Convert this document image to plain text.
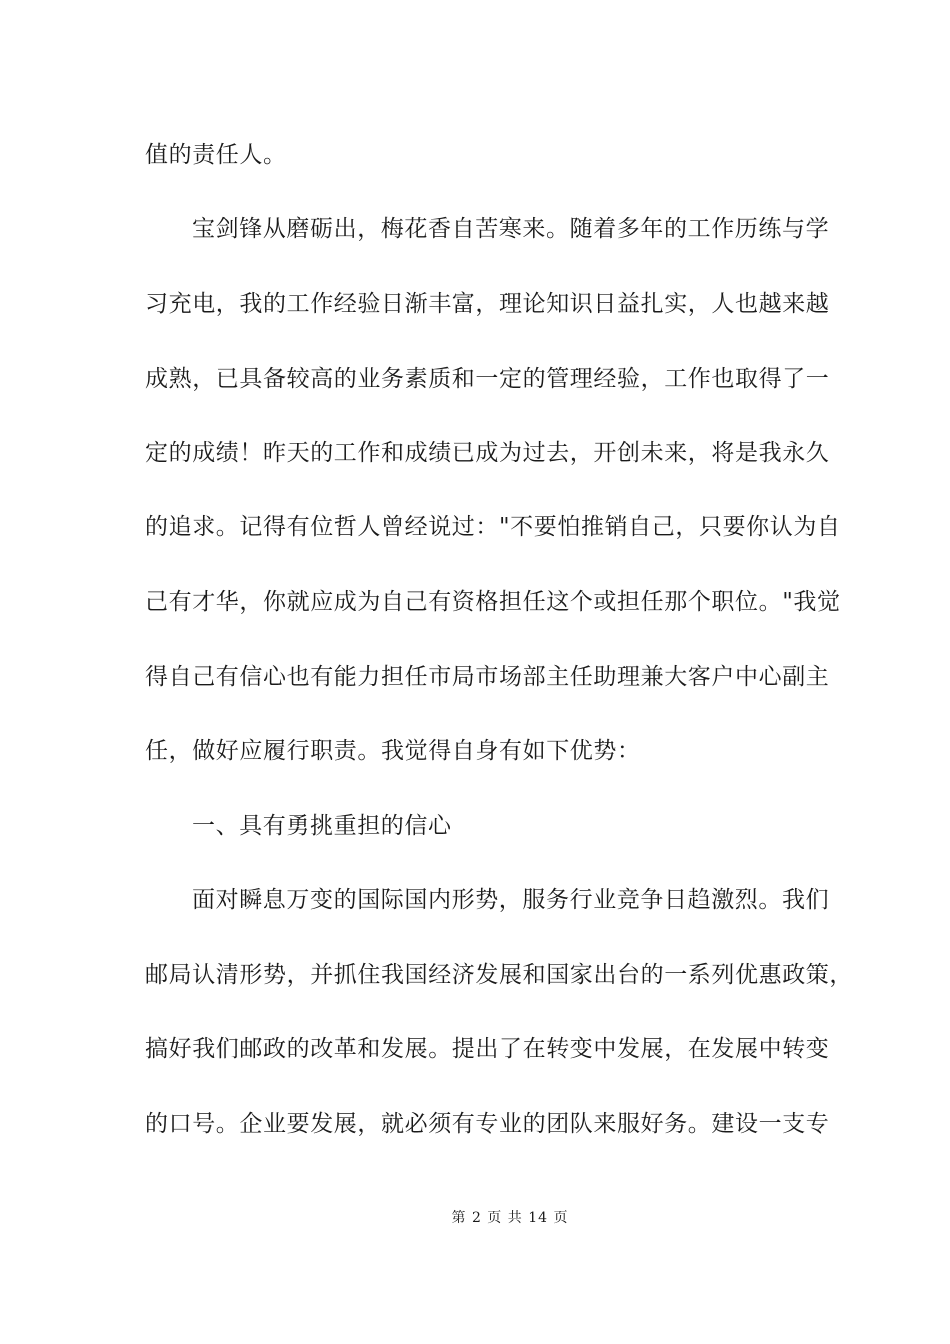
值的责任人。
宝剑锋从磨砺出，梅花香自苦寒来。随着多年的工作历练与学
习充电，我的工作经验日渐丰富，理论知识日益扎实，人也越来越
成熟，已具备较高的业务素质和一定的管理经验，工作也取得了一
定的成绩！昨天的工作和成绩已成为过去，开创未来，将是我永久
的追求。记得有位哲人曾经说过："不要怕推销自己，只要你认为自
己有才华，你就应成为自己有资格担任这个或担任那个职位。"我觉
得自己有信心也有能力担任市局市场部主任助理兼大客户中心副主
任，做好应履行职责。我觉得自身有如下优势：
一、具有勇挑重担的信心
面对瞬息万变的国际国内形势，服务行业竞争日趋激烈。我们
邮局认清形势，并抓住我国经济发展和国家出台的一系列优惠政策，
搞好我们邮政的改革和发展。提出了在转变中发展，在发展中转变
的口号。企业要发展，就必须有专业的团队来服好务。建设一支专
第 2 页 共 14 页
